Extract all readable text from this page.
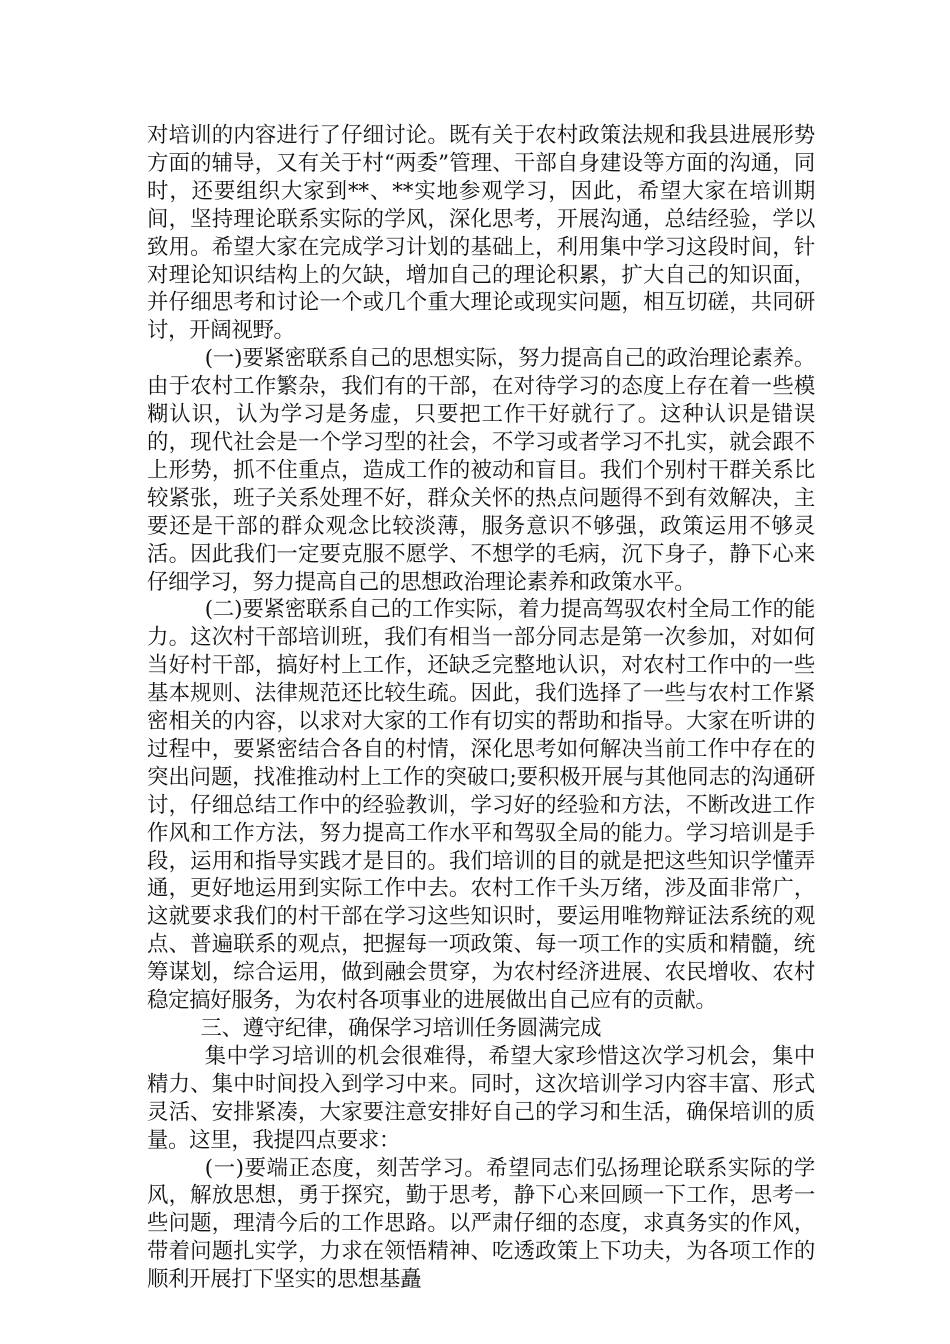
对培训的内容进行了仔细讨论。既有关于农村政策法规和我县进展形势方面的辅导，又有关于村“两委”管理、干部自身建设等方面的沟通，同时，还要组织大家到**、**实地参观学习，因此，希望大家在培训期间，坚持理论联系实际的学风，深化思考，开展沟通，总结经验，学以致用。希望大家在完成学习计划的基础上，利用集中学习这段时间，针对理论知识结构上的欠缺，增加自己的理论积累，扩大自己的知识面，并仔细思考和讨论一个或几个重大理论或现实问题，相互切磋，共同研讨，开阔视野。

(一)要紧密联系自己的思想实际，努力提高自己的政治理论素养。由于农村工作繁杂，我们有的干部，在对待学习的态度上存在着一些模糊认识，认为学习是务虚，只要把工作干好就行了。这种认识是错误的，现代社会是一个学习型的社会，不学习或者学习不扎实，就会跟不上形势，抓不住重点，造成工作的被动和盲目。我们个别村干群关系比较紧张，班子关系处理不好，群众关怀的热点问题得不到有效解决，主要还是干部的群众观念比较淡薄，服务意识不够强，政策运用不够灵活。因此我们一定要克服不愿学、不想学的毛病，沉下身子，静下心来仔细学习，努力提高自己的思想政治理论素养和政策水平。

(二)要紧密联系自己的工作实际，着力提高驾驭农村全局工作的能力。这次村干部培训班，我们有相当一部分同志是第一次参加，对如何当好村干部，搞好村上工作，还缺乏完整地认识，对农村工作中的一些基本规则、法律规范还比较生疏。因此，我们选择了一些与农村工作紧密相关的内容，以求对大家的工作有切实的帮助和指导。大家在听讲的过程中，要紧密结合各自的村情，深化思考如何解决当前工作中存在的突出问题，找准推动村上工作的突破口;要积极开展与其他同志的沟通研讨，仔细总结工作中的经验教训，学习好的经验和方法，不断改进工作作风和工作方法，努力提高工作水平和驾驭全局的能力。学习培训是手段，运用和指导实践才是目的。我们培训的目的就是把这些知识学懂弄通，更好地运用到实际工作中去。农村工作千头万绪，涉及面非常广，这就要求我们的村干部在学习这些知识时，要运用唯物辩证法系统的观点、普遍联系的观点，把握每一项政策、每一项工作的实质和精髓，统筹谋划，综合运用，做到融会贯穿，为农村经济进展、农民增收、农村稳定搞好服务，为农村各项事业的进展做出自己应有的贡献。

三、遵守纪律，确保学习培训任务圆满完成

集中学习培训的机会很难得，希望大家珍惜这次学习机会，集中精力、集中时间投入到学习中来。同时，这次培训学习内容丰富、形式灵活、安排紧凑，大家要注意安排好自己的学习和生活，确保培训的质量。这里，我提四点要求：

(一)要端正态度，刻苦学习。希望同志们弘扬理论联系实际的学风，解放思想，勇于探究，勤于思考，静下心来回顾一下工作，思考一些问题，理清今后的工作思路。以严肃仔细的态度，求真务实的作风，带着问题扎实学，力求在领悟精神、吃透政策上下功夫，为各项工作的顺利开展打下坚实的思想基矗
